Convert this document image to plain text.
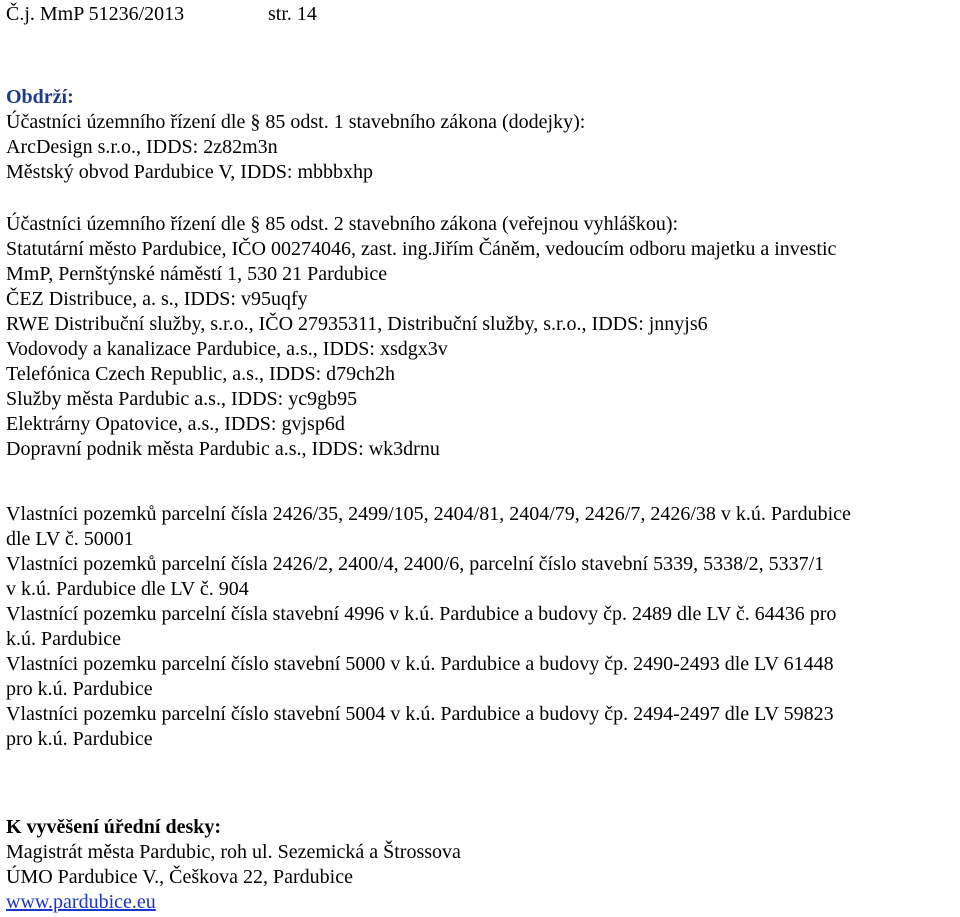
Č.j. MmP 51236/2013	str. 14
Obdrží:
Účastníci územního řízení dle § 85 odst. 1 stavebního zákona (dodejky):
ArcDesign s.r.o., IDDS: 2z82m3n
Městský obvod Pardubice V, IDDS: mbbbxhp
Účastníci územního řízení dle § 85 odst. 2 stavebního zákona (veřejnou vyhláškou):
Statutární město Pardubice, IČO 00274046, zast. ing.Jiřím Čáněm, vedoucím odboru majetku a investic
MmP, Pernštýnské náměstí 1, 530 21 Pardubice
ČEZ Distribuce, a. s., IDDS: v95uqfy
RWE Distribuční služby, s.r.o., IČO 27935311, Distribuční služby, s.r.o., IDDS: jnnyjs6
Vodovody a kanalizace Pardubice, a.s., IDDS: xsdgx3v
Telefónica Czech Republic, a.s., IDDS: d79ch2h
Služby města Pardubic a.s., IDDS: yc9gb95
Elektrárny Opatovice, a.s., IDDS: gvjsp6d
Dopravní podnik města Pardubic a.s., IDDS: wk3drnu
Vlastníci pozemků parcelní čísla 2426/35, 2499/105, 2404/81, 2404/79, 2426/7, 2426/38 v k.ú. Pardubice
dle LV č. 50001
Vlastníci pozemků parcelní čísla 2426/2, 2400/4, 2400/6, parcelní číslo stavební 5339, 5338/2, 5337/1
v k.ú. Pardubice dle LV č. 904
Vlastnící pozemku parcelní čísla stavební 4996 v k.ú. Pardubice a budovy čp. 2489 dle LV č. 64436 pro
k.ú. Pardubice
Vlastníci pozemku parcelní číslo stavební 5000 v k.ú. Pardubice a budovy čp. 2490-2493 dle LV 61448
pro k.ú. Pardubice
Vlastníci pozemku parcelní číslo stavební 5004 v k.ú. Pardubice a budovy čp. 2494-2497 dle LV 59823
pro k.ú. Pardubice
K vyvěšení úřední desky:
Magistrát města Pardubic, roh ul. Sezemická a Štrossova
ÚMO Pardubice V., Češkova 22, Pardubice
www.pardubice.eu
